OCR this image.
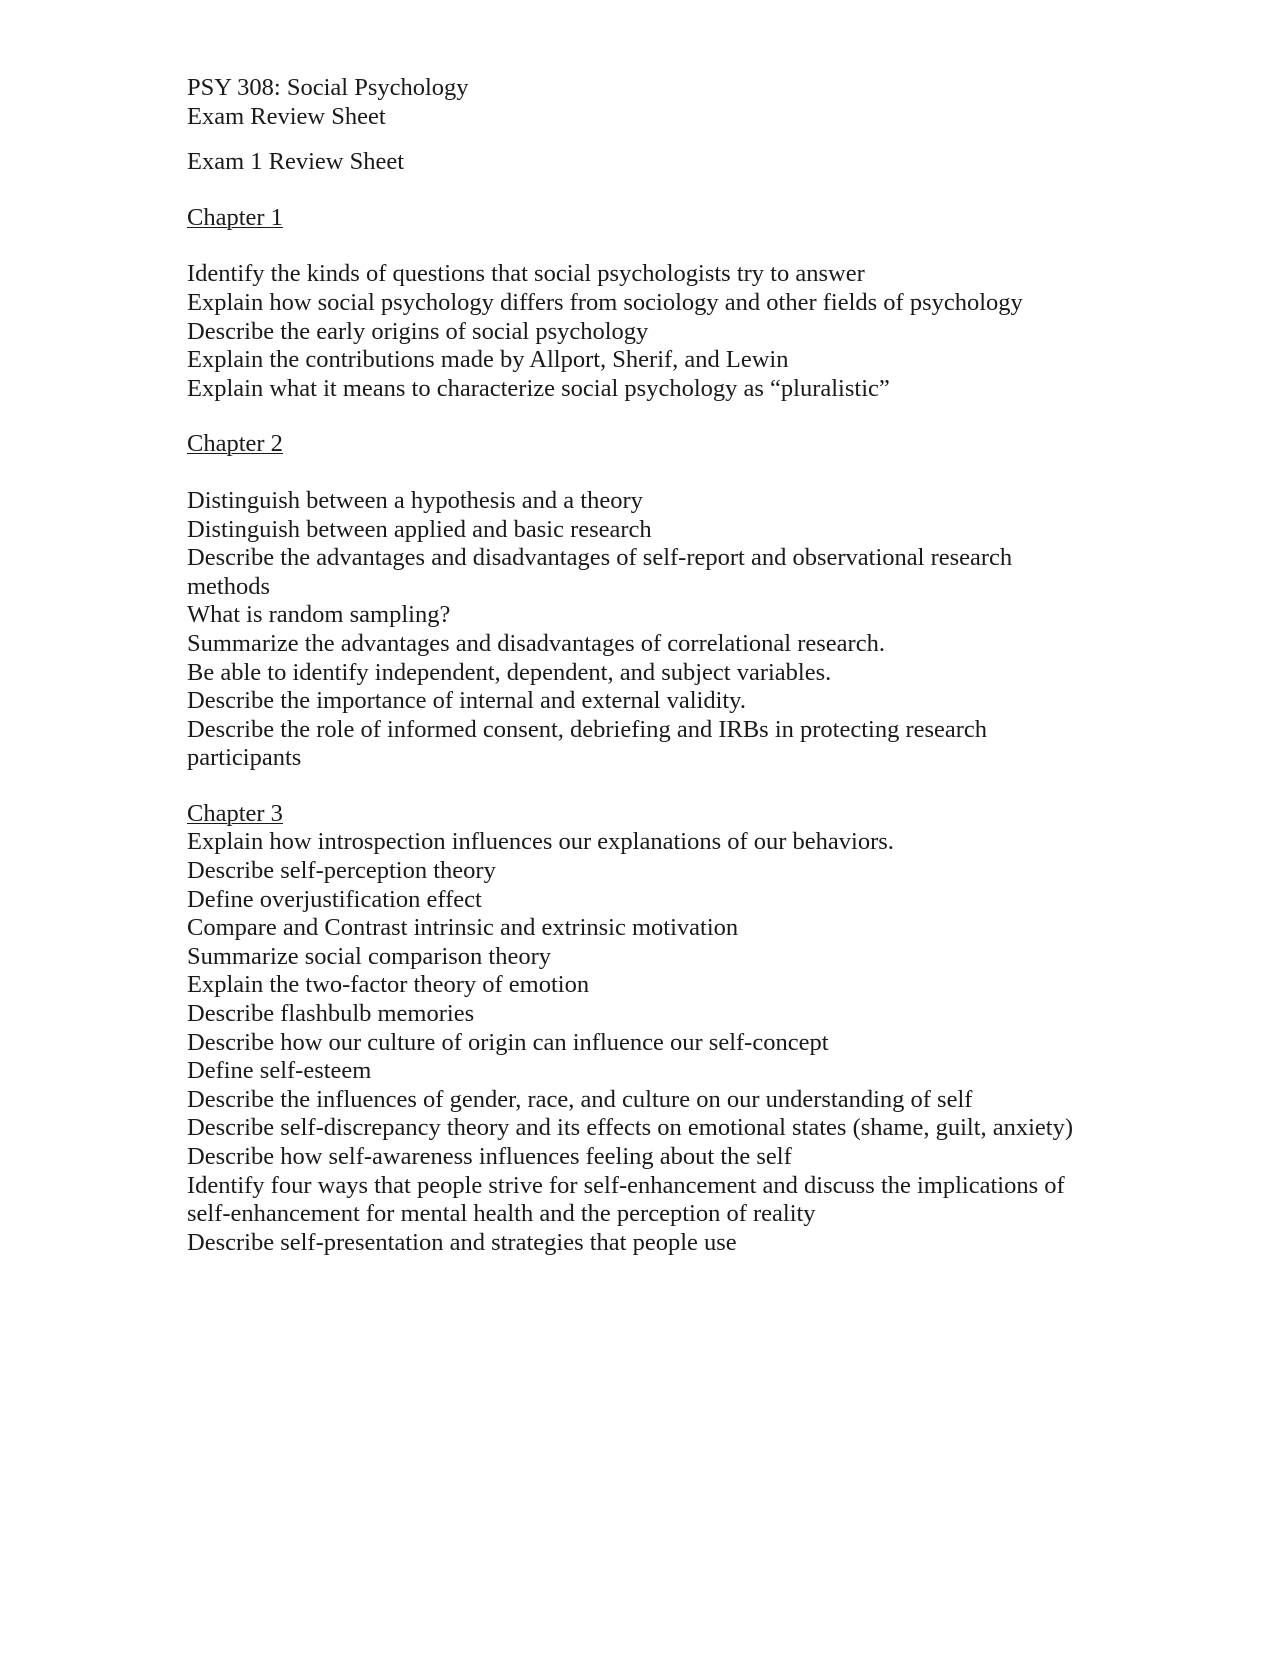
PSY 308: Social Psychology
Exam Review Sheet
Exam 1 Review Sheet
Chapter 1
Identify the kinds of questions that social psychologists try to answer
Explain how social psychology differs from sociology and other fields of psychology
Describe the early origins of social psychology
Explain the contributions made by Allport, Sherif, and Lewin
Explain what it means to characterize social psychology as “pluralistic”
Chapter 2
Distinguish between a hypothesis and a theory
Distinguish between applied and basic research
Describe the advantages and disadvantages of self-report and observational research methods
What is random sampling?
Summarize the advantages and disadvantages of correlational research.
Be able to identify independent, dependent, and subject variables.
Describe the importance of internal and external validity.
Describe the role of informed consent, debriefing and IRBs in protecting research participants
Chapter 3
Explain how introspection influences our explanations of our behaviors.
Describe self-perception theory
Define overjustification effect
Compare and Contrast intrinsic and extrinsic motivation
Summarize social comparison theory
Explain the two-factor theory of emotion
Describe flashbulb memories
Describe how our culture of origin can influence our self-concept
Define self-esteem
Describe the influences of gender, race, and culture on our understanding of self
Describe self-discrepancy theory and its effects on emotional states (shame, guilt, anxiety)
Describe how self-awareness influences feeling about the self
Identify four ways that people strive for self-enhancement and discuss the implications of self-enhancement for mental health and the perception of reality
Describe self-presentation and strategies that people use
